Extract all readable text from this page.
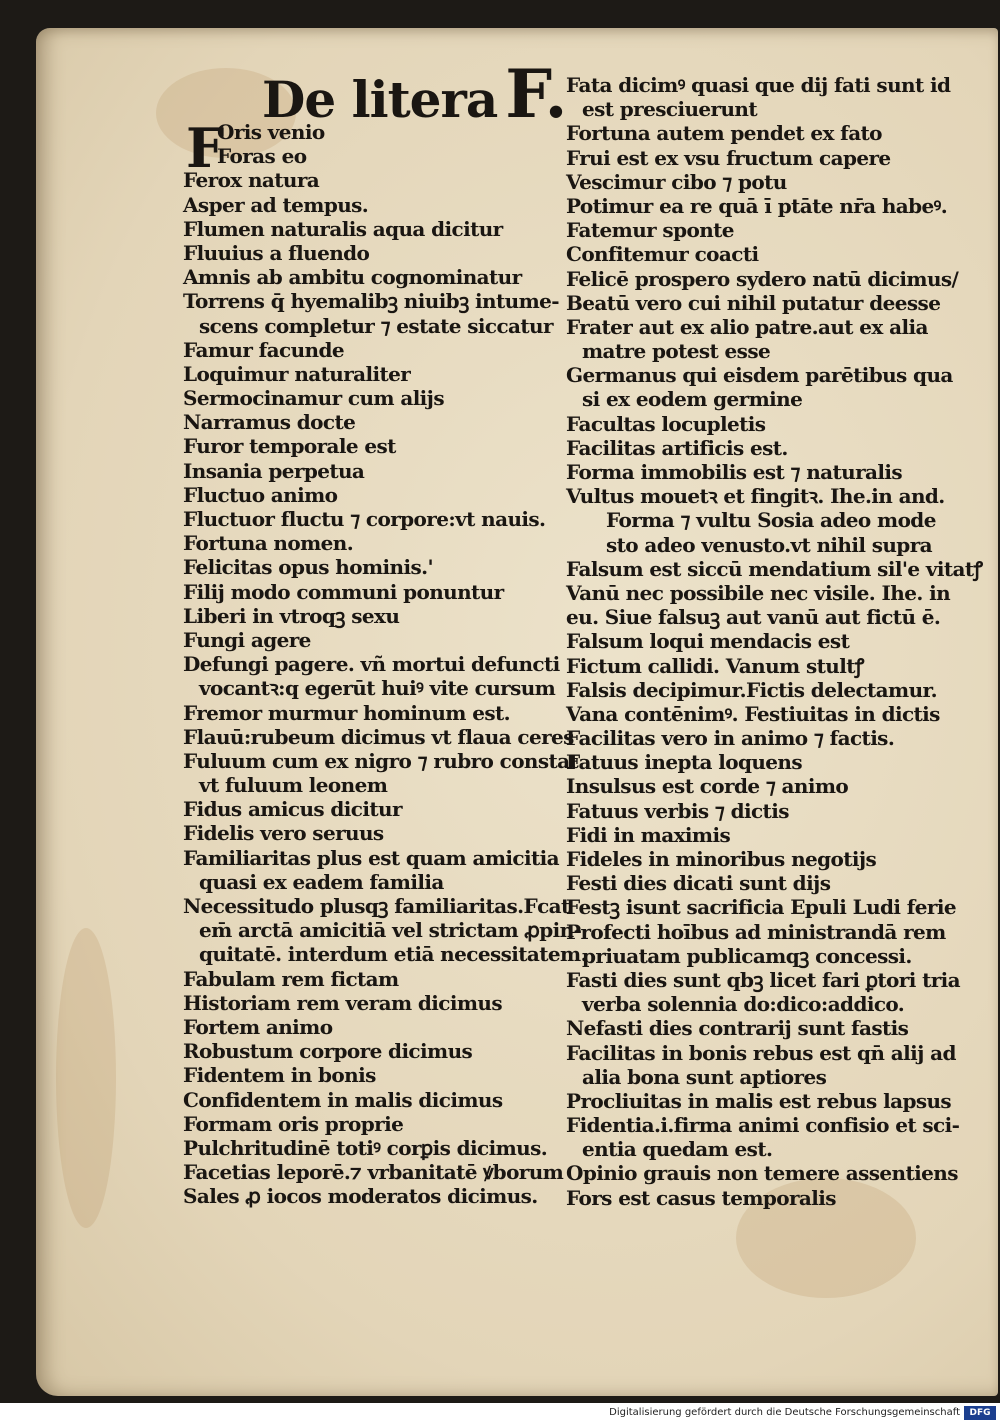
De litera F.
F
Oris venio
Foras eo
Ferox natura
Asper ad tempus.
Flumen naturalis aqua dicitur
Fluuius a fluendo
Amnis ab ambitu cognominatur
Torrens q̄ hyemalibꝫ niuibꝫ intume-
scens completur ⁊ estate siccatur
Famur facunde
Loquimur naturaliter
Sermocinamur cum alijs
Narramus docte
Furor temporale est
Insania perpetua
Fluctuo animo
Fluctuor fluctu ⁊ corpore:vt nauis.
Fortuna nomen.
Felicitas opus hominis.'
Filij modo communi ponuntur
Liberi in vtroqꝫ sexu
Fungi agere
Defungi pagere. vñ mortui defuncti
vocantꝛ:q egerūt huiꝰ vite cursum
Fremor murmur hominum est.
Flauū:rubeum dicimus vt flaua ceres
Fuluum cum ex nigro ⁊ rubro constat
vt fuluum leonem
Fidus amicus dicitur
Fidelis vero seruus
Familiaritas plus est quam amicitia
quasi ex eadem familia
Necessitudo plusqꝫ familiaritas.Fcat
em̄ arctā amicitiā vel strictam ꝓpin-
quitatē. interdum etiā necessitatem.
Fabulam rem fictam
Historiam rem veram dicimus
Fortem animo
Robustum corpore dicimus
Fidentem in bonis
Confidentem in malis dicimus
Formam oris proprie
Pulchritudinē totiꝰ corꝑis dicimus.
Facetias leporē.⁊ vrbanitatē ꝟborum
Sales ꝓ iocos moderatos dicimus.
Fata dicimꝰ quasi que dij fati sunt id
est presciuerunt
Fortuna autem pendet ex fato
Frui est ex vsu fructum capere
Vescimur cibo ⁊ potu
Potimur ea re quā ī ptāte nr̄a habeꝰ.
Fatemur sponte
Confitemur coacti
Felicē prospero sydero natū dicimus/
Beatū vero cui nihil putatur deesse
Frater aut ex alio patre.aut ex alia
matre potest esse
Germanus qui eisdem parētibus qua
si ex eodem germine
Facultas locupletis
Facilitas artificis est.
Forma immobilis est ⁊ naturalis
Vultus mouetꝛ et fingitꝛ. Ihe.in and.
Forma ⁊ vultu Sosia adeo mode
sto adeo venusto.vt nihil supra
Falsum est siccū mendatium sil'e vitatꝭ
Vanū nec possibile nec visile. Ihe. in
eu. Siue falsuꝫ aut vanū aut fictū ē.
Falsum loqui mendacis est
Fictum callidi. Vanum stultꝭ
Falsis decipimur.Fictis delectamur.
Vana contēnimꝰ. Festiuitas in dictis
Facilitas vero in animo ⁊ factis.
Fatuus inepta loquens
Insulsus est corde ⁊ animo
Fatuus verbis ⁊ dictis
Fidi in maximis
Fideles in minoribus negotijs
Festi dies dicati sunt dijs
Festꝫ isunt sacrificia Epuli Ludi ferie
Profecti hoībus ad ministrandā rem
priuatam publicamqꝫ concessi.
Fasti dies sunt qbꝫ licet fari ꝑtori tria
verba solennia do:dico:addico.
Nefasti dies contrarij sunt fastis
Facilitas in bonis rebus est qn̄ alij ad
alia bona sunt aptiores
Procliuitas in malis est rebus lapsus
Fidentia.i.firma animi confisio et sci-
entia quedam est.
Opinio grauis non temere assentiens
Fors est casus temporalis
Digitalisierung gefördert durch die Deutsche Forschungsgemeinschaft	DFG
